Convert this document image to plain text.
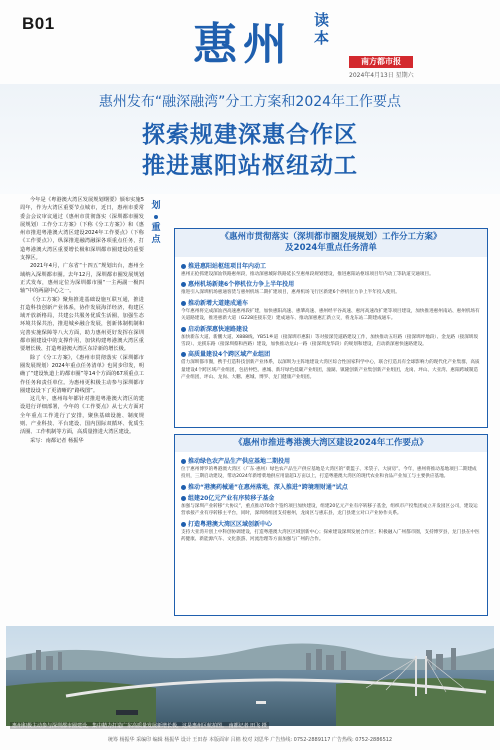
B01	惠州 读本
南方都市报
2024年4月13日 星期六
惠州发布“融深融湾”分工方案和2024年工作要点
探索规建深惠合作区
推进惠阳站枢纽动工

今年是《粤港澳大湾区发展规划纲要》颁布实施5周年，作为大湾区重要节点城市，近日，惠州市委常委会会议审议通过《惠州市贯彻落实（深圳都市圈发展规划）工作分工方案》（下称《分工方案》）和《惠州市推进粤港澳大湾区建设2024年工作要点》（下称《工作要点》），纵深推进融湾融深各项重点任务，打造粤港澳大湾区重要增长极和深圳都市圈建设的重要支撑区。

2021年4月，广东省“十四五”规划出台，惠州全域纳入深圳都市圈。去年12月，深圳都市圈发展规划正式发布，惠州定位为深圳都市圈“一主两副一极四轴”中的两副中心之一。

《分工方案》聚焦推进基础设施互联互通，推进打造科技创新产业体系，协作发展海洋经济，构建区域开放新格局，共建公共服务优质生活圈，加强生态环境共保共治，推进城乡融合发展，创新体制机制和完善实施保障等八大方面，助力惠州更好发挥在深圳都市圈建设中的支撑作用，加快构建粤港澳大湾区重要增长极、打造粤港澳大湾区东岸新的增长极。

除了《分工方案》，《惠州市贯彻落实（深圳都市圈发展规划）2024年重点任务清单》也同步印发，明确了“建设轨道上的都市圈”等14个方面的67项重点工作任务和责任单位。为惠州更积极主动参与深圳都市圈建设设下了更清晰的“路线图”。

这几年，惠州每年都针对推进粤港澳大湾区的建设进行详细部署，今年的《工作要点》从七大方面对全年重点工作进行了安排，聚焦基础设施、制度规则、产业科技、平台建设、国内国际双循环、优质生活圈、工作机制等方面，高质量推进大湾区建设。

采写：南都记者 杨振华

划
重
点	《惠州市贯彻落实（深圳都市圈发展规划）工作分工方案》
及2024年重点任务清单
推进惠阳站枢纽项目年内动工
惠州正抢抓建设深汕铁路惠州段，推动深惠城际铁路延长至惠州段规划建设，推进惠阳站枢纽项目年内动工等轨道交通项目。
惠州机场新建6个停机位力争上半年投用
推进引入深圳机场惠通客货与惠州机场二期扩建项目，惠州机场飞行区新建6个停机位力争上半年投入使用。
推动新增大道建成通车
今年惠州将完成深汕西高速惠州段扩建，加快惠阳高速、惠肇高速、惠州经平谷高速、惠河高速改扩建等项目建设，加快推进惠州南站、惠州机场有关道路建设，推进惠新大道（G228连接东莞）建成通车、推动深惠惠汇新立交，将龙东站二期建成通车。
启动新深惠快速路建设
加快新东大道、新鹏大道、X888线、YB51乡道（接深圳市惠阳）等对接深莞道路建设工作，加快推动五旺路（接深圳坪地段）、金龙路（接深圳坂雪段）、龙援东路（接深圳蔡和西路）建设，加快推动龙山一路（接深圳龙华段）的规划和建设，启动新深惠快速路建设。
高质量建设4个跨区域产业组团
借力深圳都市圈，携手打造科技创新产业体系，以深圳为主阵地建设大湾区综合性国家科学中心，联合打造具有全球影响力的现代化产业集群，高质量建设4个跨区域产业组团，包括仲恺、惠城、新圩绿色低碳产业组团，潼湖、镇隆创新产业集创新产业组团，龙岗、坪山、大亚湾、惠阳跨城制造产业组团，坪山、龙岗、大鹏、惠城、博罗、龙门健康产业组团。
《惠州市推进粤港澳大湾区建设2024年工作要点》
推动绿色农产品生产供应基地二期投用
位于惠州博罗的粤港澳大湾区（广东·惠州）绿色农产品生产供应基地是大湾区的“菜篮子、米袋子、大厨房”。今年，惠州将推动基地项目二期建成投用，三期启动建设，带动2024年新增菜地供应用量超1万亩以上，打造粤港澳大湾区的现代农业和食品产业加工与主要供应基地。
推动“港澳药械通”在惠州落地，深入推进“跨境理财通”试点
组建20亿元产业有序转移子基金
加强与深圳产业转移“大协议”，重点推动70余个签约项目加快建设，组建20亿元产业有序转移子基金，组织市产投集团成立开发园区公司，建设运营承接产业有序转移主平台，同时，深圳将组团支持惠州，龙岗区与惠东县，龙门县建立对口产业协作关系。
打造粤港澳大湾区区域创新中心
支持大亚湾开创上中科创协调建设，打造粤港澳大湾区区域创新中心；探索建设深圳发展合作区；积极融入广州都市圈，支持博罗县，龙门县在中医药健康、新能源汽车、文化旅游、河流治理等方面加强与广州的合作。
惠州积极主动参与深圳都市圈建设，集中精力打造广东高质量发展新增长极，这是惠州区航拍图。 南都记者 田飞 摄
统筹 杨振华 采编印 编辑 杨振华 设计 王田春 本版面审 吕棉 校对 刘思华 广告热线: 0752-2889117 广告热线: 0752-2886512
